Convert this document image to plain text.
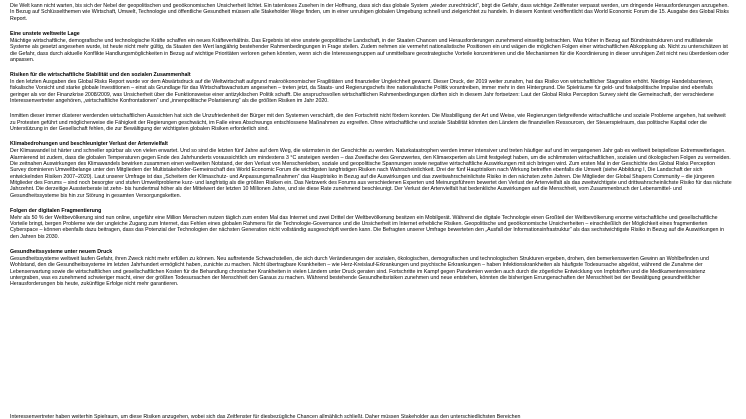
Die Welt kann nicht warten, bis sich der Nebel der geopolitischen und geoökonomischen Unsicherheit lichtet. Ein tatenloses Zusehen in der Hoffnung, dass sich das globale System „wieder zurechtrückt“, birgt die Gefahr, dass wichtige Zeitfenster verpasst werden, um dringende Herausforderungen anzugehen. In Bezug auf Schlüsselthemen wie Wirtschaft, Umwelt, Technologie und öffentliche Gesundheit müssen alle Stakeholder Wege finden, um in einer unruhigen globalen Umgebung schnell und zielgerichtet zu handeln. In diesem Kontext veröffentlicht das World Economic Forum die 15. Ausgabe des Global Risks Report.

Eine unstete weltweite Lage

Mächtige wirtschaftliche, demografische und technologische Kräfte schaffen ein neues Kräfteverhältnis. Das Ergebnis ist eine unstete geopolitische Landschaft, in der Staaten Chancen und Herausforderungen zunehmend einseitig betrachten. Was früher in Bezug auf Bündnisstrukturen und multilaterale Systeme als gesetzt angesehen wurde, ist heute nicht mehr gültig, da Staaten den Wert langjährig bestehender Rahmenbedingungen in Frage stellen. Zudem nehmen sie vermehrt nationalistische Positionen ein und wägen die möglichen Folgen einer wirtschaftlichen Abkopplung ab. Nicht zu unterschätzen ist die Gefahr, dass durch aktuelle Konflikte Handlungsmöglichkeiten in Bezug auf wichtige Prioritäten verloren gehen könnten, wenn sich die Interessengruppen auf unmittelbare geostrategische Vorteile konzentrieren und die Mechanismen für die Koordinierung in dieser unruhigen Zeit nicht neu überdenken oder anpassen.

Risiken für die wirtschaftliche Stabilität und den sozialen Zusammenhalt

In den letzten Ausgaben des Global Risks Report wurde vor dem Abwärtsdruck auf die Weltwirtschaft aufgrund makroökonomischer Fragilitäten und finanzieller Ungleichheit gewarnt. Dieser Druck, der 2019 weiter zunahm, hat das Risiko von wirtschaftlicher Stagnation erhöht. Niedrige Handelsbarrieren, fiskalische Vorsicht und starke globale Investitionen – einst als Grundlage für das Wirtschaftswachstum angesehen – treten jetzt, da Staats- und Regierungschefs ihre nationalistische Politik vorantreiben, immer mehr in den Hintergrund. Die Spielräume für geld- und fiskalpolitische Impulse sind ebenfalls geringer als vor der Finanzkrise 2008/2009, was Unsicherheit über die Funktionsweise einer antizyklischen Politik schafft. Die anspruchsvollen wirtschaftlichen Rahmenbedingungen dürften sich in diesem Jahr fortsetzen: Laut der Global Risks Perception Survey sieht die Gemeinschaft, der verschiedene Interessenvertreter angehören, „wirtschaftliche Konfrontationen“ und „innenpolitische Polarisierung“ als die größten Risiken im Jahr 2020.

Inmitten dieser immer düsterer werdenden wirtschaftlichen Aussichten hat sich die Unzufriedenheit der Bürger mit den Systemen verschärft, die den Fortschritt nicht fördern konnten. Die Missbilligung der Art und Weise, wie Regierungen tiefgreifende wirtschaftliche und soziale Probleme angehen, hat weltweit zu Protesten geführt und möglicherweise die Fähigkeit der Regierungen geschwächt, im Falle eines Abschwungs entschlossene Maßnahmen zu ergreifen. Ohne wirtschaftliche und soziale Stabilität könnten den Ländern die finanziellen Ressourcen, der Steuerspielraum, das politische Kapital oder die Unterstützung in der Gesellschaft fehlen, die zur Bewältigung der wichtigsten globalen Risiken erforderlich sind.

Klimabedrohungen und beschleunigter Verlust der Artenvielfalt

Der Klimawandel ist härter und schneller spürbar als von vielen erwartet. Und so sind die letzten fünf Jahre auf dem Weg, die wärmsten in der Geschichte zu werden. Naturkatastrophen werden immer intensiver und treten häufiger auf und im vergangenen Jahr gab es weltweit beispiellose Extremwetterlagen. Alarmierend ist zudem, dass die globalen Temperaturen gegen Ende des Jahrhunderts voraussichtlich um mindestens 3 °C ansteigen werden – das Zweifache des Grenzwertes, den Klimaexperten als Limit festgelegt haben, um die schlimmsten wirtschaftlichen, sozialen und ökologischen Folgen zu vermeiden. Die zeitnahen Auswirkungen des Klimawandels bewirken zusammen einen weltweiten Notstand, der den Verlust von Menschenleben, soziale und geopolitische Spannungen sowie negative wirtschaftliche Auswirkungen mit sich bringen wird. Zum ersten Mal in der Geschichte des Global Risks Perception Survey dominieren Umweltbelange unter den Mitgliedern der Multistakeholder-Gemeinschaft des World Economic Forum die wichtigsten langfristigen Risiken nach Wahrscheinlichkeit. Drei der fünf Hauptrisiken nach Wirkung betreffen ebenfalls die Umwelt (siehe Abbildung I, Die Landschaft der sich entwickelnden Risiken 2007–2020). Laut unserer Umfrage ist das „Scheitern der Klimaschutz- und Anpassungsmaßnahmen“ das Hauptrisiko in Bezug auf die Auswirkungen und das zweitwahrscheinlichste Risiko in den nächsten zehn Jahren. Die Mitglieder der Global Shapers Community – die jüngeren Mitglieder des Forums – sind noch besorgter und stufen Umweltprobleme kurz- und langfristig als die größten Risiken ein. Das Netzwerk des Forums aus verschiedenen Experten und Meinungsführern bewertet den Verlust der Artenvielfalt als das zweitwichtigste und drittwahrscheinlichste Risiko für das nächste Jahrzehnt. Die derzeitige Aussterberate ist zehn- bis hundertmal höher als der Mittelwert der letzten 10 Millionen Jahre, und sie diese Rate zunehmend beschleunigt. Der Verlust der Artenvielfalt hat bedenkliche Auswirkungen auf die Menschheit, vom Zusammenbruch der Lebensmittel- und Gesundheitssysteme bis hin zur Störung in gesamten Versorgungsketten.

Folgen der digitalen Fragmentierung

Mehr als 50 % der Weltbevölkerung sind nun online, ungefähr eine Million Menschen nutzen täglich zum ersten Mal das Internet und zwei Drittel der Weltbevölkerung besitzen ein Mobilgerät. Während die digitale Technologie einen Großteil der Weltbevölkerung enorme wirtschaftliche und gesellschaftliche Vorteile bringt, bergen Probleme wie der ungleiche Zugang zum Internet, das Fehlen eines globalen Rahmens für die Technologie-Governance und die Unsicherheit im Internet erhebliche Risiken. Geopolitische und geoökonomische Unsicherheiten – einschließlich der Möglichkeit eines fragmentierten Cyberspace – können ebenfalls dazu beitragen, dass das Potenzial der Technologien der nächsten Generation nicht vollständig ausgeschöpft werden kann. Die Befragten unserer Umfrage bewerteten den „Ausfall der Informationsinfrastruktur“ als das sechstwichtigste Risiko in Bezug auf die Auswirkungen in den Jahren bis 2030.

Gesundheitssysteme unter neuem Druck

Gesundheitssysteme weltweit laufen Gefahr, ihren Zweck nicht mehr erfüllen zu können. Neu auftretende Schwachstellen, die sich durch Veränderungen der sozialen, ökologischen, demografischen und technologischen Strukturen ergeben, drohen, den bemerkenswerten Gewinn an Wohlbefinden und Wohlstand, den die Gesundheitssysteme im letzten Jahrhundert ermöglicht haben, zunichte zu machen. Nicht übertragbare Krankheiten – wie Herz-Kreislauf-Erkrankungen und psychische Erkrankungen – haben Infektionskrankheiten als häufigste Todesursache abgelöst, während die Zunahme der Lebenserwartung sowie die wirtschaftlichen und gesellschaftlichen Kosten für die Behandlung chronischer Krankheiten in vielen Ländern unter Druck geraten sind. Fortschritte im Kampf gegen Pandemien werden auch durch die zögerliche Entwicklung von Impfstoffen und die Medikamentenresistenz untergraben, was es zunehmend schwieriger macht, einer der größten Todesursachen der Menschheit den Garaus zu machen. Während bestehende Gesundheitsrisiken zunehmen und neue entstehen, könnten die bisherigen Errungenschaften der Menschheit bei der Bewältigung gesundheitlicher Herausforderungen bis heute, zukünftige Erfolge nicht mehr garantieren.

Interessenvertreter haben weiterhin Spielraum, um diese Risiken anzugehen, wobei sich das Zeitfenster für diesbezügliche Chancen allmählich schließt. Daher müssen Stakeholder aus den unterschiedlichsten Bereichen
